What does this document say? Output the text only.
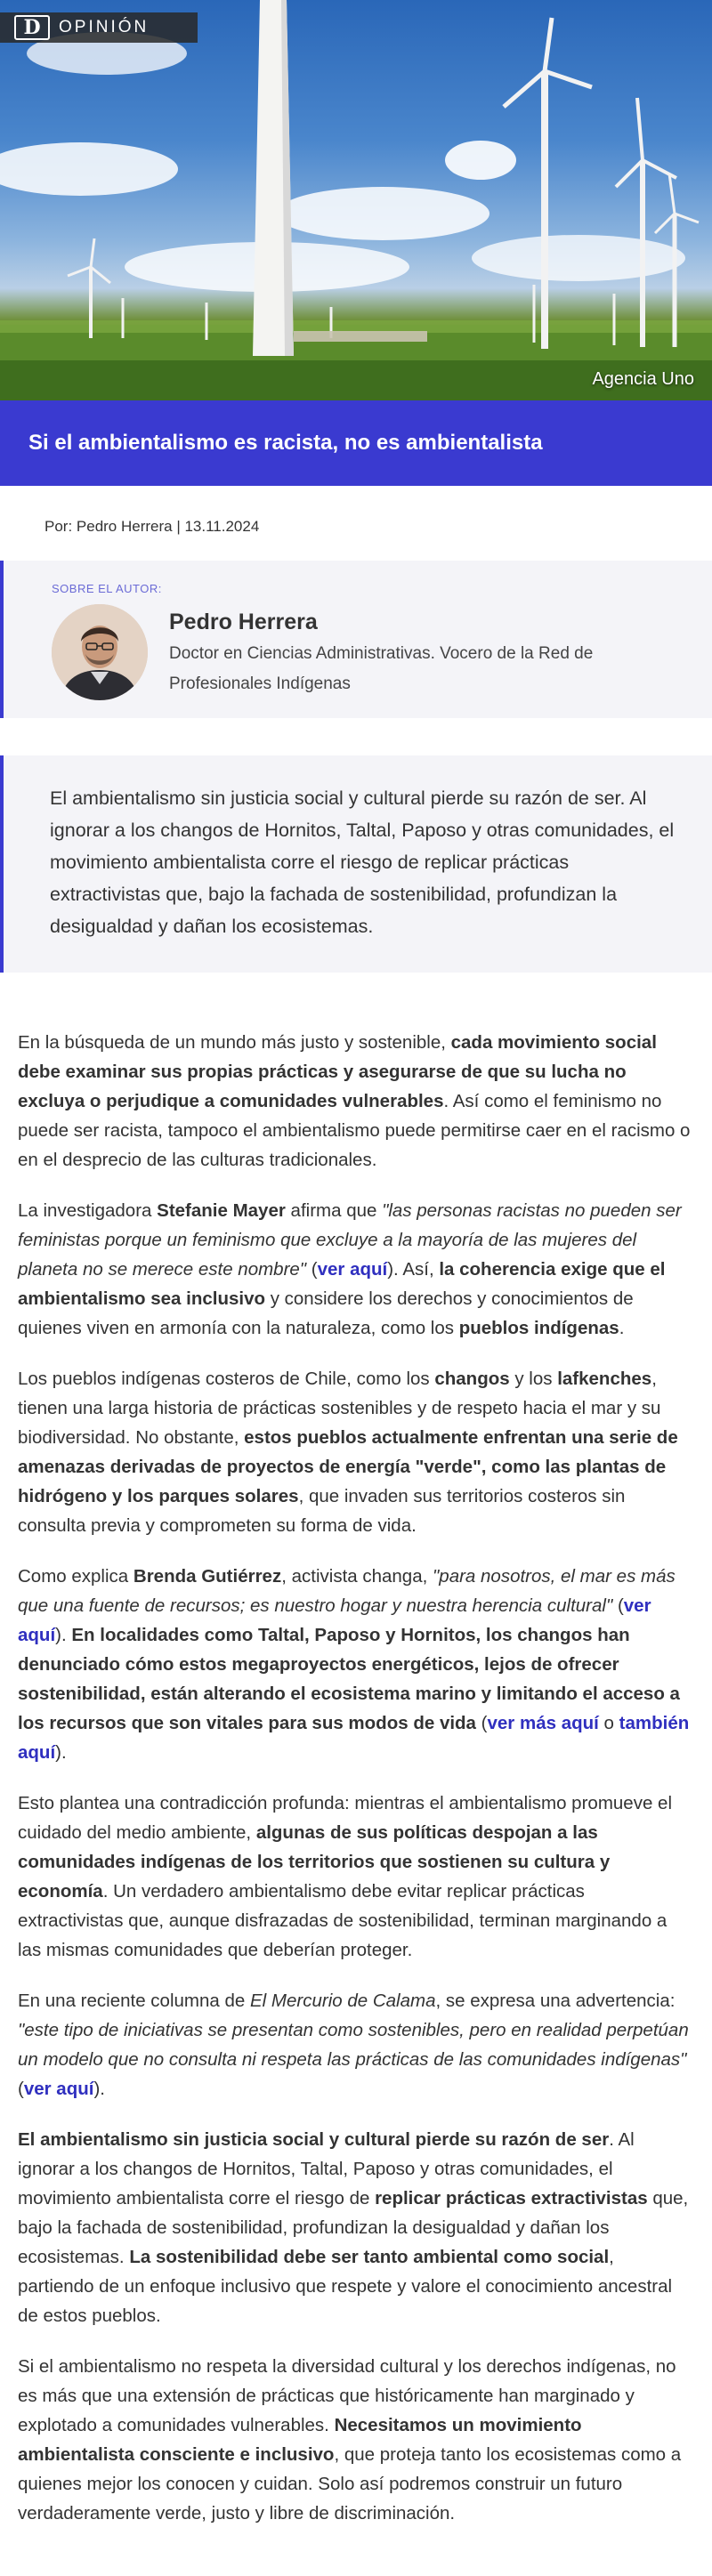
D	OPINIÓN
Agencia Uno
Si el ambientalismo es racista, no es ambientalista
Por: Pedro Herrera | 13.11.2024
SOBRE EL AUTOR:
Pedro Herrera
Doctor en Ciencias Administrativas. Vocero de la Red de Profesionales Indígenas

El ambientalismo sin justicia social y cultural pierde su razón de ser. Al ignorar a los changos de Hornitos, Taltal, Paposo y otras comunidades, el movimiento ambientalista corre el riesgo de replicar prácticas extractivistas que, bajo la fachada de sostenibilidad, profundizan la desigualdad y dañan los ecosistemas.

En la búsqueda de un mundo más justo y sostenible, cada movimiento social debe examinar sus propias prácticas y asegurarse de que su lucha no excluya o perjudique a comunidades vulnerables. Así como el feminismo no puede ser racista, tampoco el ambientalismo puede permitirse caer en el racismo o en el desprecio de las culturas tradicionales.

La investigadora Stefanie Mayer afirma que "las personas racistas no pueden ser feministas porque un feminismo que excluye a la mayoría de las mujeres del planeta no se merece este nombre" (ver aquí). Así, la coherencia exige que el ambientalismo sea inclusivo y considere los derechos y conocimientos de quienes viven en armonía con la naturaleza, como los pueblos indígenas.

Los pueblos indígenas costeros de Chile, como los changos y los lafkenches, tienen una larga historia de prácticas sostenibles y de respeto hacia el mar y su biodiversidad. No obstante, estos pueblos actualmente enfrentan una serie de amenazas derivadas de proyectos de energía "verde", como las plantas de hidrógeno y los parques solares, que invaden sus territorios costeros sin consulta previa y comprometen su forma de vida.

Como explica Brenda Gutiérrez, activista changa, "para nosotros, el mar es más que una fuente de recursos; es nuestro hogar y nuestra herencia cultural" (ver aquí). En localidades como Taltal, Paposo y Hornitos, los changos han denunciado cómo estos megaproyectos energéticos, lejos de ofrecer sostenibilidad, están alterando el ecosistema marino y limitando el acceso a los recursos que son vitales para sus modos de vida (ver más aquí o también aquí).

Esto plantea una contradicción profunda: mientras el ambientalismo promueve el cuidado del medio ambiente, algunas de sus políticas despojan a las comunidades indígenas de los territorios que sostienen su cultura y economía. Un verdadero ambientalismo debe evitar replicar prácticas extractivistas que, aunque disfrazadas de sostenibilidad, terminan marginando a las mismas comunidades que deberían proteger.

En una reciente columna de El Mercurio de Calama, se expresa una advertencia: "este tipo de iniciativas se presentan como sostenibles, pero en realidad perpetúan un modelo que no consulta ni respeta las prácticas de las comunidades indígenas" (ver aquí).

El ambientalismo sin justicia social y cultural pierde su razón de ser. Al ignorar a los changos de Hornitos, Taltal, Paposo y otras comunidades, el movimiento ambientalista corre el riesgo de replicar prácticas extractivistas que, bajo la fachada de sostenibilidad, profundizan la desigualdad y dañan los ecosistemas. La sostenibilidad debe ser tanto ambiental como social, partiendo de un enfoque inclusivo que respete y valore el conocimiento ancestral de estos pueblos.

Si el ambientalismo no respeta la diversidad cultural y los derechos indígenas, no es más que una extensión de prácticas que históricamente han marginado y explotado a comunidades vulnerables. Necesitamos un movimiento ambientalista consciente e inclusivo, que proteja tanto los ecosistemas como a quienes mejor los conocen y cuidan. Solo así podremos construir un futuro verdaderamente verde, justo y libre de discriminación.
